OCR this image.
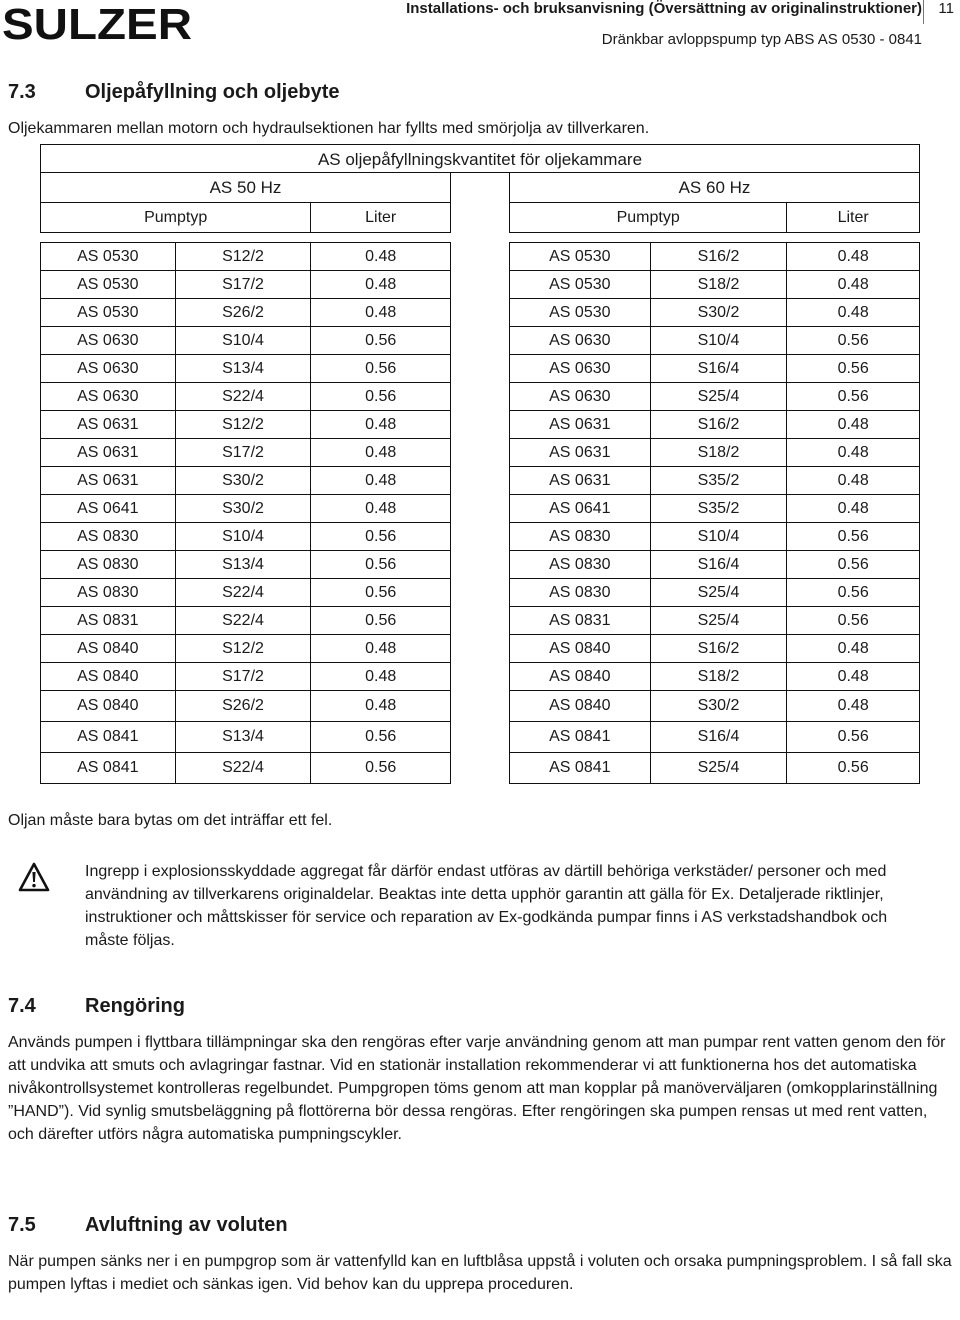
SULZER	Installations- och bruksanvisning (Översättning av originalinstruktioner)	11
Dränkbar avloppspump typ ABS AS 0530 - 0841
7.3 Oljepåfyllning och oljebyte

Oljekammaren mellan motorn och hydraulsektionen har fyllts med smörjolja av tillverkaren.

AS oljepåfyllningskvantitet för oljekammare
AS 50 Hz		
Pumptyp		Liter

AS 0530	S12/2	0.48
AS 0530	S17/2	0.48
AS 0530	S26/2	0.48
AS 0630	S10/4	0.56
AS 0630	S13/4	0.56
AS 0630	S22/4	0.56
AS 0631	S12/2	0.48
AS 0631	S17/2	0.48
AS 0631	S30/2	0.48
AS 0641	S30/2	0.48
AS 0830	S10/4	0.56
AS 0830	S13/4	0.56
AS 0830	S22/4	0.56
AS 0831	S22/4	0.56
AS 0840	S12/2	0.48
AS 0840	S17/2	0.48
AS 0840	S26/2	0.48
AS 0841	S13/4	0.56
AS 0841	S22/4	0.56
AS 60 Hz		
Pumptyp		Liter

AS 0530	S16/2	0.48
AS 0530	S18/2	0.48
AS 0530	S30/2	0.48
AS 0630	S10/4	0.56
AS 0630	S16/4	0.56
AS 0630	S25/4	0.56
AS 0631	S16/2	0.48
AS 0631	S18/2	0.48
AS 0631	S35/2	0.48
AS 0641	S35/2	0.48
AS 0830	S10/4	0.56
AS 0830	S16/4	0.56
AS 0830	S25/4	0.56
AS 0831	S25/4	0.56
AS 0840	S16/2	0.48
AS 0840	S18/2	0.48
AS 0840	S30/2	0.48
AS 0841	S16/4	0.56
AS 0841	S25/4	0.56

Oljan måste bara bytas om det inträffar ett fel.

Ingrepp i explosionsskyddade aggregat får därför endast utföras av därtill behöriga verkstäder/ personer och med användning av tillverkarens originaldelar. Beaktas inte detta upphör garantin att gälla för Ex. Detaljerade riktlinjer, instruktioner och måttskisser för service och reparation av Ex-godkända pumpar finns i AS verkstadshandbok och måste följas.

7.4 Rengöring

Används pumpen i flyttbara tillämpningar ska den rengöras efter varje användning genom att man pumpar rent vatten genom den för att undvika att smuts och avlagringar fastnar. Vid en stationär installation rekommenderar vi att funktionerna hos det automatiska nivåkontrollsystemet kontrolleras regelbundet. Pumpgropen töms genom att man kopplar på manöverväljaren (omkopplarinställning ”HAND”). Vid synlig smutsbeläggning på flottörerna bör dessa rengöras. Efter rengöringen ska pumpen rensas ut med rent vatten, och därefter utförs några automatiska pumpningscykler.

7.5 Avluftning av voluten

När pumpen sänks ner i en pumpgrop som är vattenfylld kan en luftblåsa uppstå i voluten och orsaka pumpningsproblem. I så fall ska pumpen lyftas i mediet och sänkas igen. Vid behov kan du upprepa proceduren.
